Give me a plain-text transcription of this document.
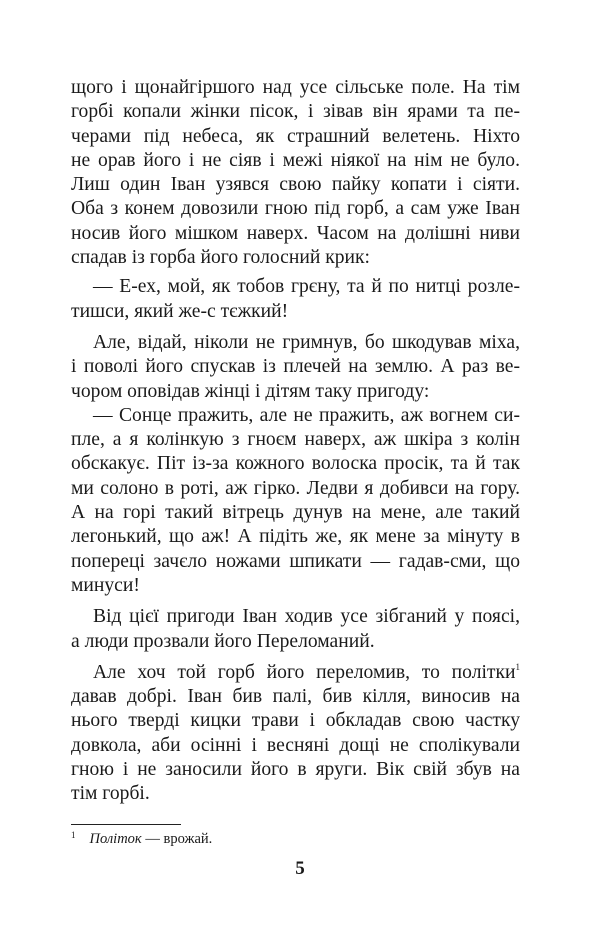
щого і щонайгіршого над усе сільське поле. На тім
горбі копали жінки пісок, і зівав він ярами та пе-
черами під небеса, як страшний велетень. Ніхто
не орав його і не сіяв і межі ніякої на нім не було.
Лиш один Іван узявся свою пайку копати і сіяти.
Оба з конем довозили гною під горб, а сам уже Іван
носив його мішком наверх. Часом на долішні ниви
спадав із горба його голосний крик:
— Е-ех, мой, як тобов грєну, та й по нитці розле-
тишси, який же-с тєжкий!
Але, відай, ніколи не гримнув, бо шкодував міха,
і поволі його спускав із плечей на землю. А раз ве-
чором оповідав жінці і дітям таку пригоду:
— Сонце пражить, але не пражить, аж вогнем си-
пле, а я колінкую з гноєм наверх, аж шкіра з колін
обскакує. Піт із-за кожного волоска просік, та й так
ми солоно в роті, аж гірко. Ледви я добивси на гору.
А на горі такий вітрець дунув на мене, але такий
легонький, що аж! А підіть же, як мене за мінуту в
попереці зачєло ножами шпикати — гадав-сми, що
минуси!
Від цієї пригоди Іван ходив усе зібганий у поясі,
а люди прозвали його Переломаний.
Але хоч той горб його переломив, то політки$^1$
давав добрі. Іван бив палі, бив кілля, виносив на
нього тверді кицки трави і обкладав свою частку
довкола, аби осінні і весняні дощі не сполікували
гною і не заносили його в яруги. Вік свій збув на
тім горбі.
$^1$ Політок — врожай.
5
